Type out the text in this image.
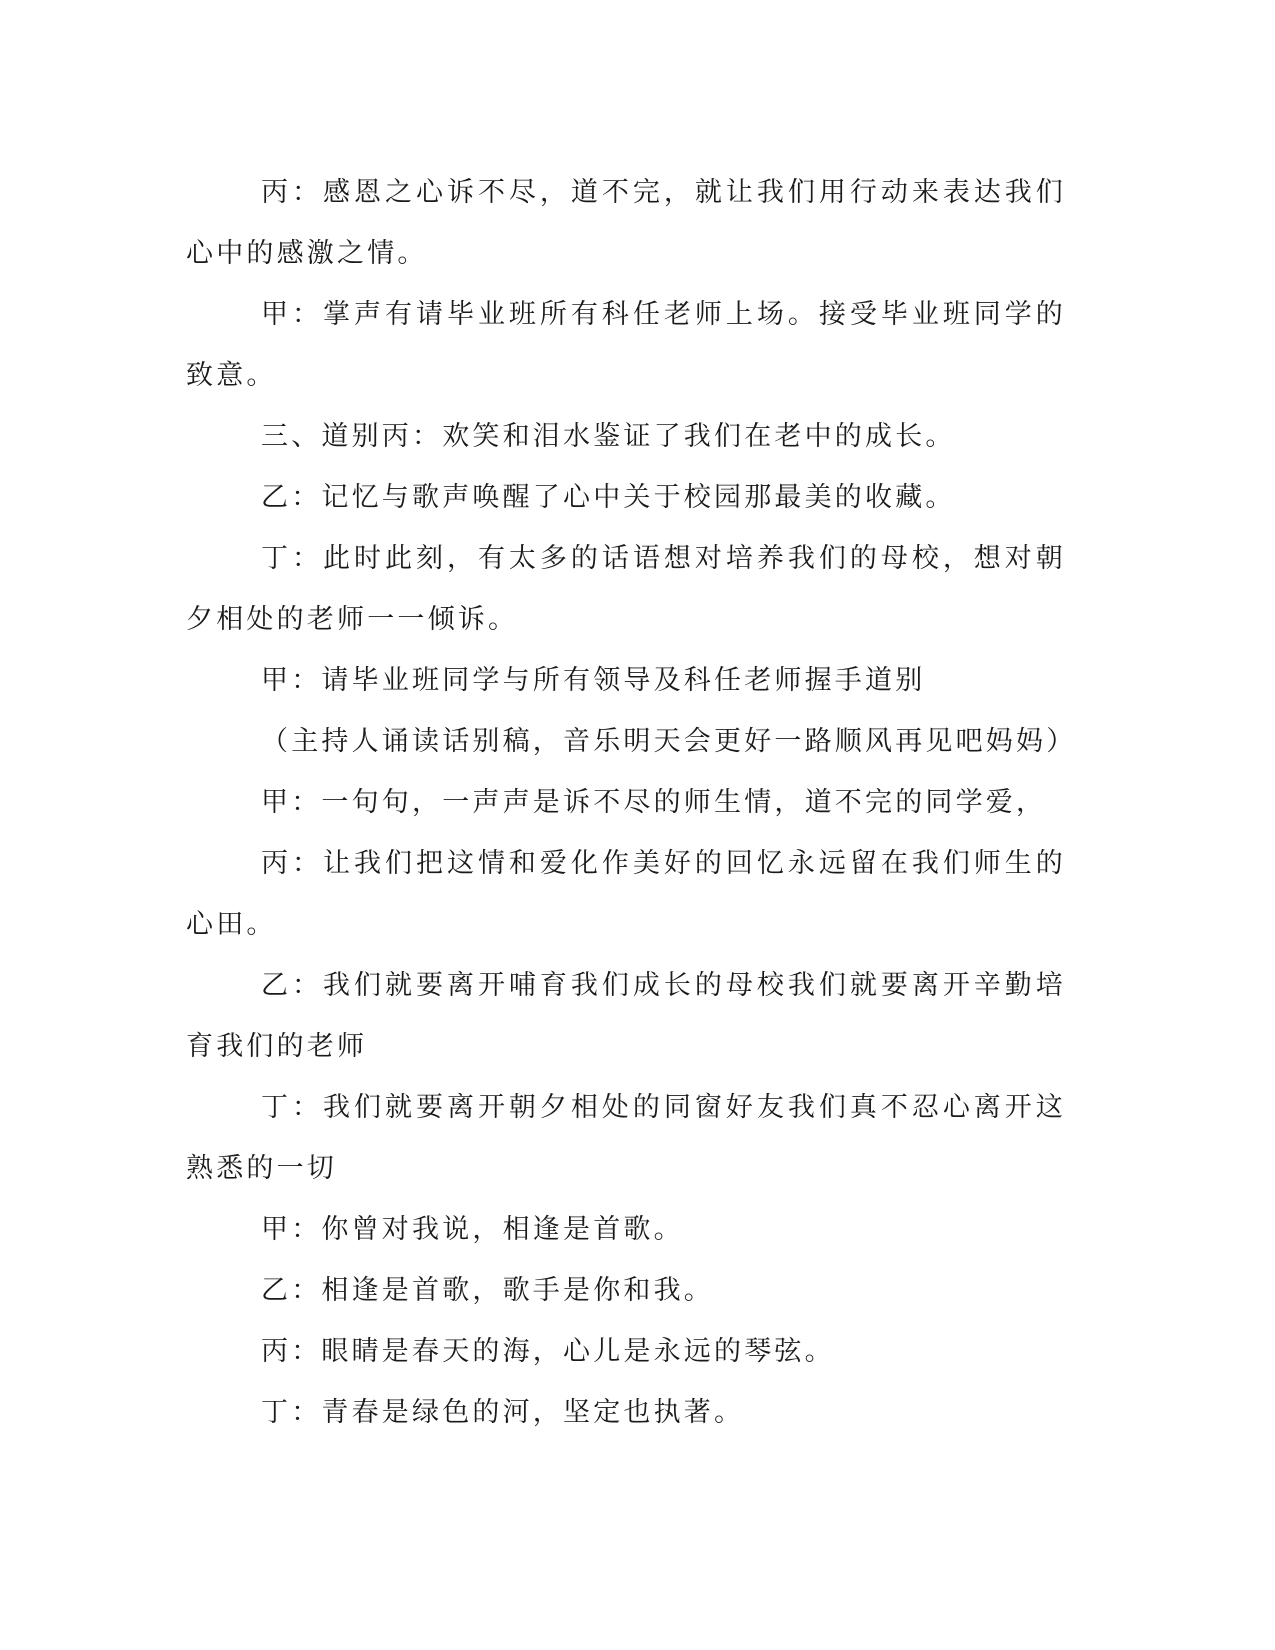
丙：感恩之心诉不尽，道不完，就让我们用行动来表达我们心中的感激之情。

甲：掌声有请毕业班所有科任老师上场。接受毕业班同学的致意。

三、道别丙：欢笑和泪水鉴证了我们在老中的成长。

乙：记忆与歌声唤醒了心中关于校园那最美的收藏。

丁：此时此刻，有太多的话语想对培养我们的母校，想对朝夕相处的老师一一倾诉。

甲：请毕业班同学与所有领导及科任老师握手道别

（主持人诵读话别稿，音乐明天会更好一路顺风再见吧妈妈）

甲：一句句，一声声是诉不尽的师生情，道不完的同学爱，

丙：让我们把这情和爱化作美好的回忆永远留在我们师生的心田。

乙：我们就要离开哺育我们成长的母校我们就要离开辛勤培育我们的老师

丁：我们就要离开朝夕相处的同窗好友我们真不忍心离开这熟悉的一切

甲：你曾对我说，相逢是首歌。

乙：相逢是首歌，歌手是你和我。

丙：眼睛是春天的海，心儿是永远的琴弦。

丁：青春是绿色的河，坚定也执著。
